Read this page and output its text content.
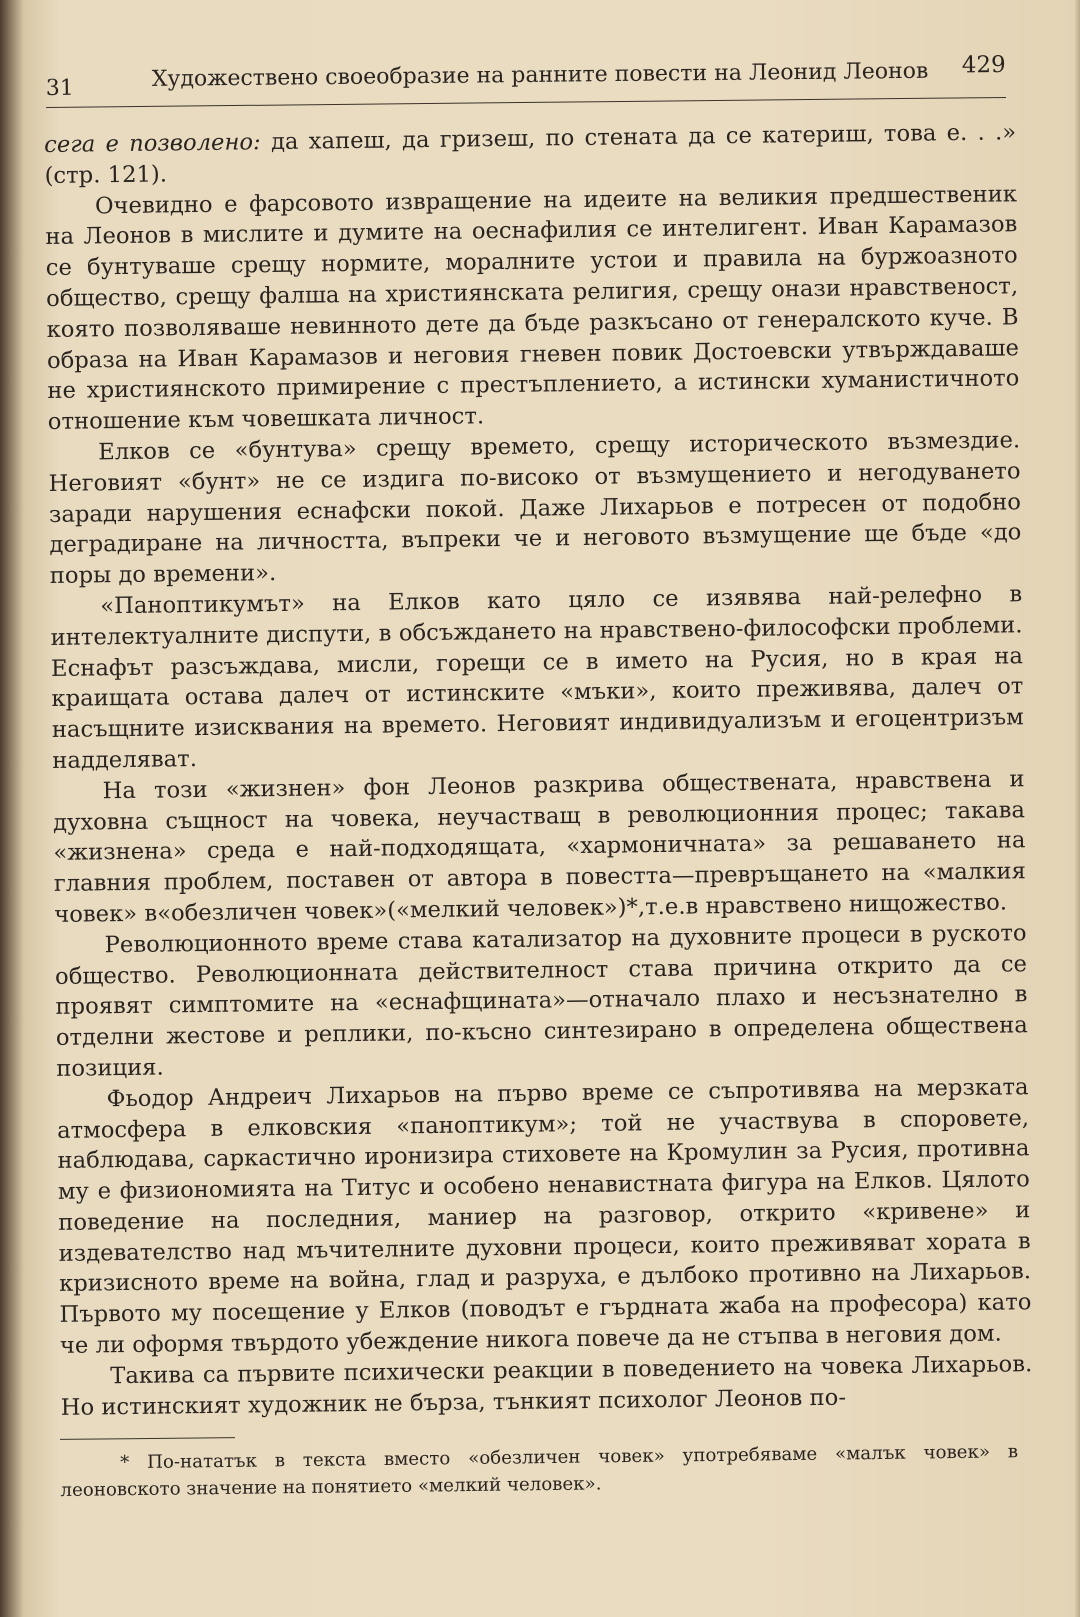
31	Художествено своеобразие на ранните повести на Леонид Леонов 429

сега е позволено: да хапеш, да гризеш, по стената да се катериш, това е. . .» (стр. 121).

Очевидно е фарсовото извращение на идеите на великия предшественик на Леонов в мислите и думите на оеснафилия се интелигент. Иван Карамазов се бунтуваше срещу нормите, моралните устои и правила на буржоазното общество, срещу фалша на християнската религия, срещу онази нравственост, която позволяваше невинното дете да бъде разкъсано от генералското куче. В образа на Иван Карамазов и неговия гневен повик Достоевски утвърждаваше не християнското примирение с престъплението, а истински хуманистичното отношение към човешката личност.

Елков се «бунтува» срещу времето, срещу историческото възмездие. Неговият «бунт» не се издига по-високо от възмущението и негодуването заради нарушения еснафски покой. Даже Лихарьов е потресен от подобно деградиране на личността, въпреки че и неговото възмущение ще бъде «до поры до времени».

«Паноптикумът» на Елков като цяло се изявява най-релефно в интелектуалните диспути, в обсъждането на нравствено-философски проблеми. Еснафът разсъждава, мисли, горещи се в името на Русия, но в края на краищата остава далеч от истинските «мъки», които преживява, далеч от насъщните изисквания на времето. Неговият индивидуализъм и егоцентризъм надделяват.

На този «жизнен» фон Леонов разкрива обществената, нравствена и духовна същност на човека, неучастващ в революционния процес; такава «жизнена» среда е най-подходящата, «хармоничната» за решаването на главния проблем, поставен от автора в повестта—превръщането на «малкия човек» в«обезличен човек»(«мелкий человек»)*,т.е.в нравствено нищожество.

Революционното време става катализатор на духовните процеси в руското общество. Революционната действителност става причина открито да се проявят симптомите на «еснафщината»—отначало плахо и несъзнателно в отделни жестове и реплики, по-късно синтезирано в определена обществена позиция.

Фьодор Андреич Лихарьов на първо време се съпротивява на мерзката атмосфера в елковския «паноптикум»; той не участвува в споровете, наблюдава, саркастично иронизира стиховете на Кромулин за Русия, противна му е физиономията на Титус и особено ненавистната фигура на Елков. Цялото поведение на последния, маниер на разговор, открито «кривене» и издевателство над мъчителните духовни процеси, които преживяват хората в кризисното време на война, глад и разруха, е дълбоко противно на Лихарьов. Първото му посещение у Елков (поводът е гърдната жаба на професора) като че ли оформя твърдото убеждение никога повече да не стъпва в неговия дом.

Такива са първите психически реакции в поведението на човека Лихарьов. Но истинският художник не бърза, тънкият психолог Леонов по-

* По-нататък в текста вместо «обезличен човек» употребяваме «малък човек» в леоновското значение на понятието «мелкий человек».
